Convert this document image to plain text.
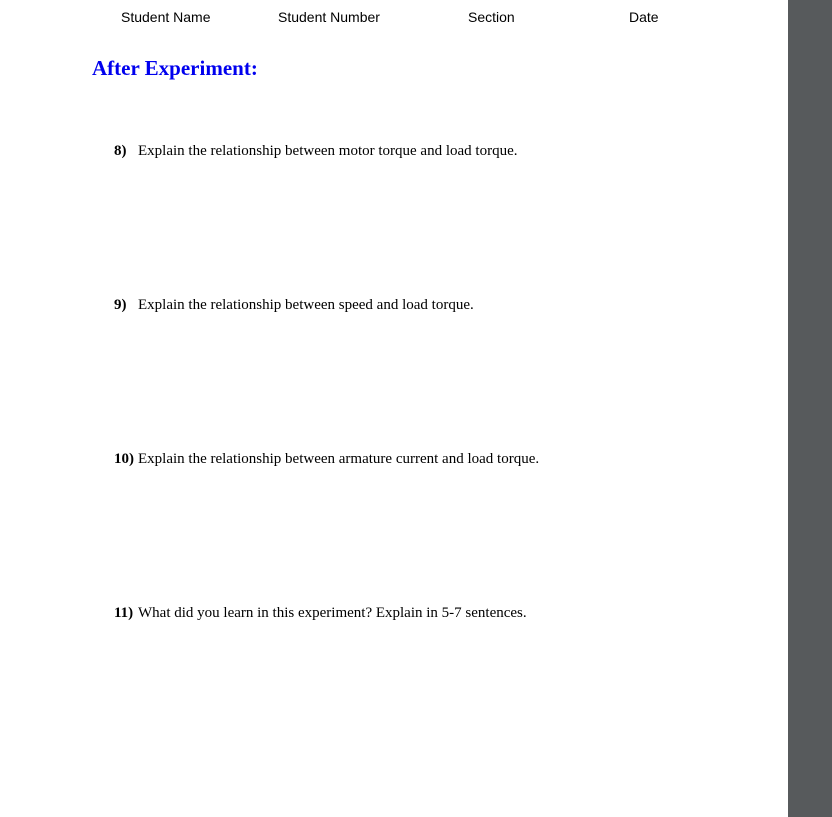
Student Name	Student Number	Section	Date
After Experiment:
8) Explain the relationship between motor torque and load torque.
9) Explain the relationship between speed and load torque.
10) Explain the relationship between armature current and load torque.
11) What did you learn in this experiment? Explain in 5-7 sentences.
